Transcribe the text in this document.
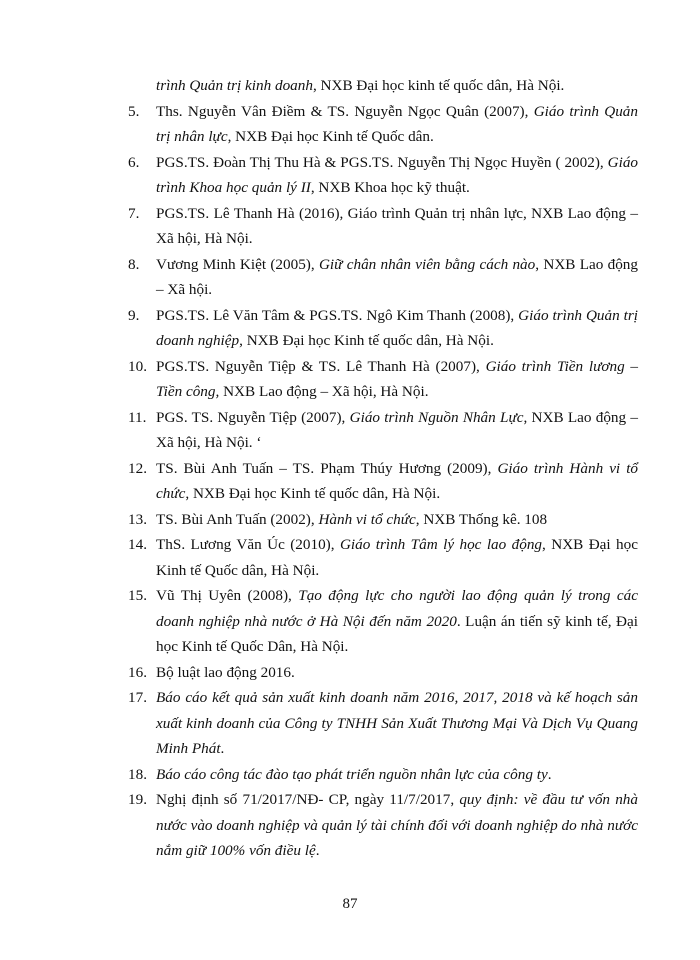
trình Quản trị kinh doanh, NXB Đại học kinh tế quốc dân, Hà Nội.
5. Ths. Nguyễn Vân Điềm & TS. Nguyễn Ngọc Quân (2007), Giáo trình Quản trị nhân lực, NXB Đại học Kinh tế Quốc dân.
6. PGS.TS. Đoàn Thị Thu Hà & PGS.TS. Nguyễn Thị Ngọc Huyền ( 2002), Giáo trình Khoa học quản lý II, NXB Khoa học kỹ thuật.
7. PGS.TS. Lê Thanh Hà (2016), Giáo trình Quản trị nhân lực, NXB Lao động – Xã hội, Hà Nội.
8. Vương Minh Kiệt (2005), Giữ chân nhân viên bằng cách nào, NXB Lao động – Xã hội.
9. PGS.TS. Lê Văn Tâm & PGS.TS. Ngô Kim Thanh (2008), Giáo trình Quản trị doanh nghiệp, NXB Đại học Kinh tế quốc dân, Hà Nội.
10. PGS.TS. Nguyễn Tiệp & TS. Lê Thanh Hà (2007), Giáo trình Tiền lương – Tiền công, NXB Lao động – Xã hội, Hà Nội.
11. PGS. TS. Nguyễn Tiệp (2007), Giáo trình Nguồn Nhân Lực, NXB Lao động – Xã hội, Hà Nội. ‘
12. TS. Bùi Anh Tuấn – TS. Phạm Thúy Hương (2009), Giáo trình Hành vi tổ chức, NXB Đại học Kinh tế quốc dân, Hà Nội.
13. TS. Bùi Anh Tuấn (2002), Hành vi tổ chức, NXB Thống kê. 108
14. ThS. Lương Văn Úc (2010), Giáo trình Tâm lý học lao động, NXB Đại học Kinh tế Quốc dân, Hà Nội.
15. Vũ Thị Uyên (2008), Tạo động lực cho người lao động quản lý trong các doanh nghiệp nhà nước ở Hà Nội đến năm 2020. Luận án tiến sỹ kinh tế, Đại học Kinh tế Quốc Dân, Hà Nội.
16. Bộ luật lao động 2016.
17. Báo cáo kết quả sản xuất kinh doanh năm 2016, 2017, 2018 và kế hoạch sản xuất kinh doanh của Công ty TNHH Sản Xuất Thương Mại Và Dịch Vụ Quang Minh Phát.
18. Báo cáo công tác đào tạo phát triển nguồn nhân lực của công ty.
19. Nghị định số 71/2017/NĐ- CP, ngày 11/7/2017, quy định: về đầu tư vốn nhà nước vào doanh nghiệp và quản lý tài chính đối với doanh nghiệp do nhà nước nắm giữ 100% vốn điều lệ.
87
